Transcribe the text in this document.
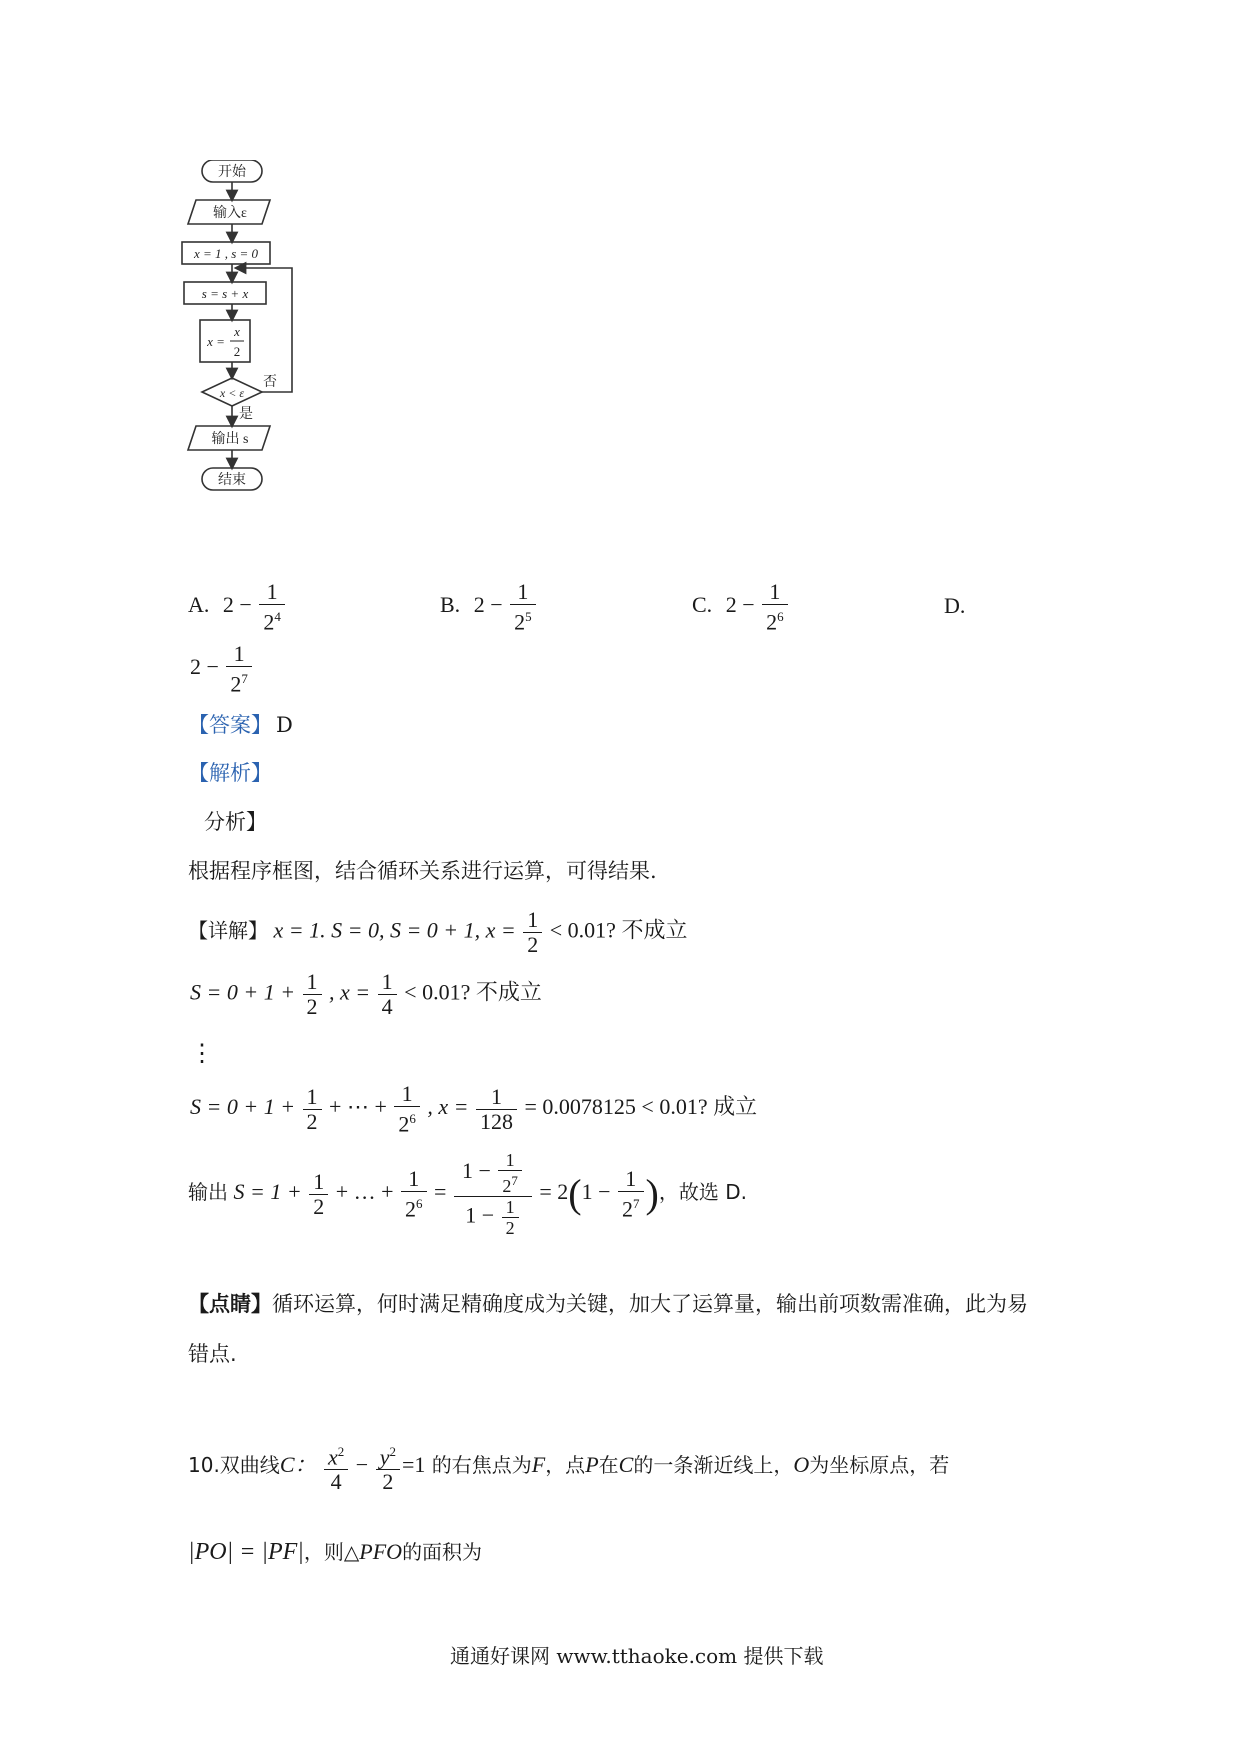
开始
输入ε
x = 1 , s = 0
s = s + x
x =
x
2
x < ε
否
是
输出 s
结束
A. $2 - \frac{1}{2^4}$	B. $2 - \frac{1}{2^5}$	C. $2 - \frac{1}{2^6}$	D.
$2 - \frac{1}{2^7}$
【答案】 D
【解析】
分析】
根据程序框图，结合循环关系进行运算，可得结果.
【详解】 x = 1. S = 0, S = 0 + 1, $x = \frac{1}{2} < 0.01$? 不成立
$S = 0 + 1 + \frac{1}{2}$ , $x = \frac{1}{4} < 0.01$? 不成立
⋮
$S = 0 + 1 + \frac{1}{2}$ + ⋯ + $\frac{1}{2^6}$ , $x = \frac{1}{128} = 0.0078125 < 0.01$? 成立
输出 $S = 1 + \frac{1}{2}$ + … + $\frac{1}{2^6} = \frac{1 - \frac{1}{2^7}}{1 - \frac{1}{2}} = 2(1 - \frac{1}{2^7}$ )，故选 D.
【点睛】循环运算，何时满足精确度成为关键，加大了运算量，输出前项数需准确，此为易
错点.
10.双曲线C： $\frac{x^2}{4} - \frac{y^2}{2} =1$ 的右焦点为F，点P在C的一条渐近线上，O为坐标原点，若
|PO| = |PF|，则△PFO的面积为
通通好课网 www.tthaoke.com 提供下载
